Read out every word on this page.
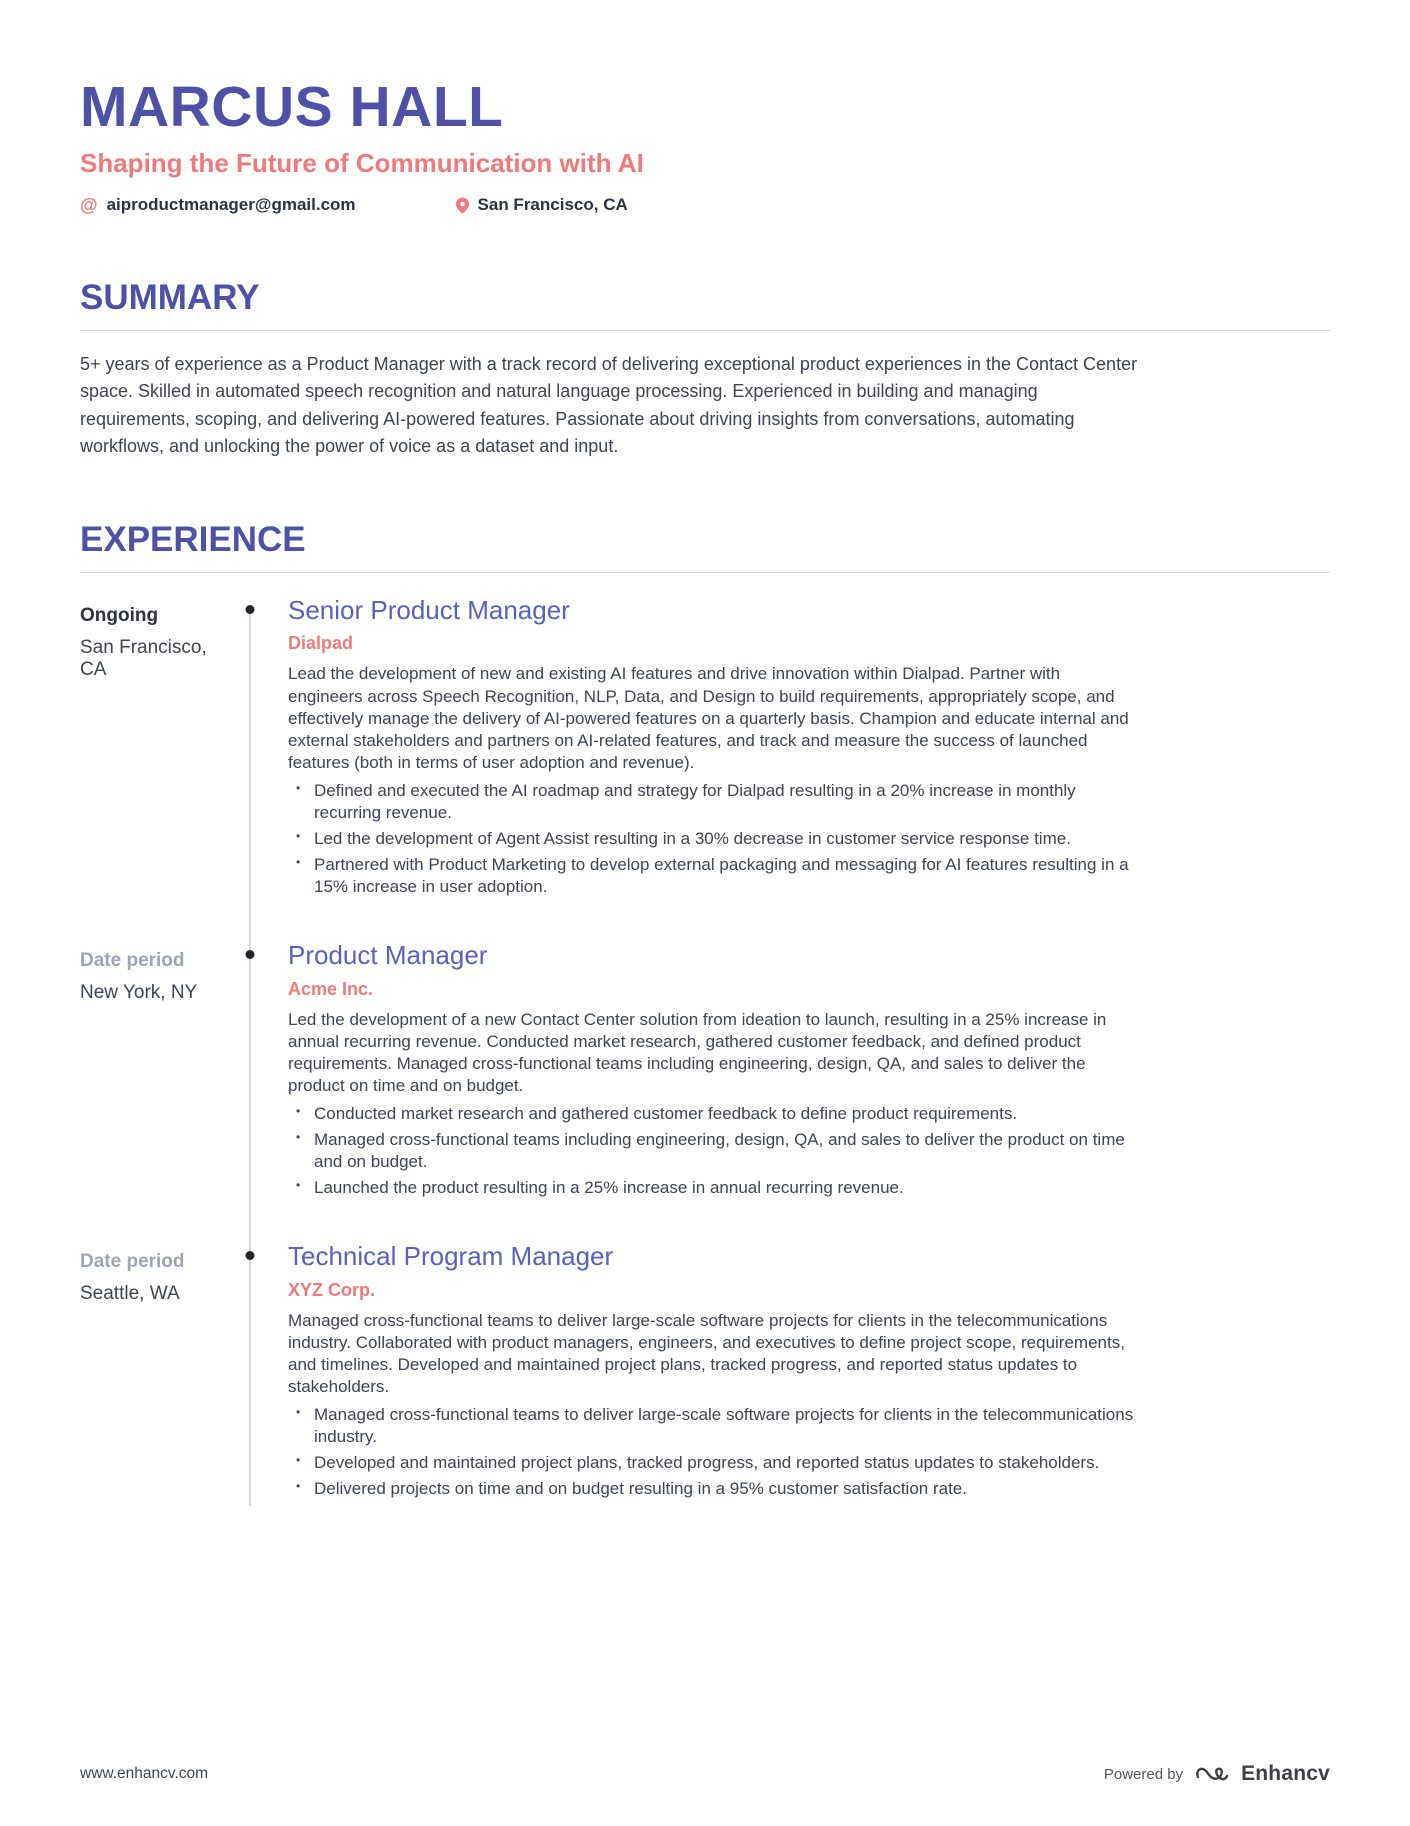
MARCUS HALL
Shaping the Future of Communication with AI
@ aiproductmanager@gmail.com	San Francisco, CA
SUMMARY

5+ years of experience as a Product Manager with a track record of delivering exceptional product experiences in the Contact Center space. Skilled in automated speech recognition and natural language processing. Experienced in building and managing requirements, scoping, and delivering AI-powered features. Passionate about driving insights from conversations, automating workflows, and unlocking the power of voice as a dataset and input.

EXPERIENCE
Ongoing
San Francisco, CA
Senior Product Manager
Dialpad

Lead the development of new and existing AI features and drive innovation within Dialpad. Partner with engineers across Speech Recognition, NLP, Data, and Design to build requirements, appropriately scope, and effectively manage the delivery of AI-powered features on a quarterly basis. Champion and educate internal and external stakeholders and partners on AI-related features, and track and measure the success of launched features (both in terms of user adoption and revenue).

• Defined and executed the AI roadmap and strategy for Dialpad resulting in a 20% increase in monthly recurring revenue.
• Led the development of Agent Assist resulting in a 30% decrease in customer service response time.
• Partnered with Product Marketing to develop external packaging and messaging for AI features resulting in a 15% increase in user adoption.
Date period
New York, NY
Product Manager
Acme Inc.

Led the development of a new Contact Center solution from ideation to launch, resulting in a 25% increase in annual recurring revenue. Conducted market research, gathered customer feedback, and defined product requirements. Managed cross-functional teams including engineering, design, QA, and sales to deliver the product on time and on budget.

• Conducted market research and gathered customer feedback to define product requirements.
• Managed cross-functional teams including engineering, design, QA, and sales to deliver the product on time and on budget.
• Launched the product resulting in a 25% increase in annual recurring revenue.
Date period
Seattle, WA
Technical Program Manager
XYZ Corp.

Managed cross-functional teams to deliver large-scale software projects for clients in the telecommunications industry. Collaborated with product managers, engineers, and executives to define project scope, requirements, and timelines. Developed and maintained project plans, tracked progress, and reported status updates to stakeholders.

• Managed cross-functional teams to deliver large-scale software projects for clients in the telecommunications industry.
• Developed and maintained project plans, tracked progress, and reported status updates to stakeholders.
• Delivered projects on time and on budget resulting in a 95% customer satisfaction rate.
www.enhancv.com	Powered by	Enhancv
